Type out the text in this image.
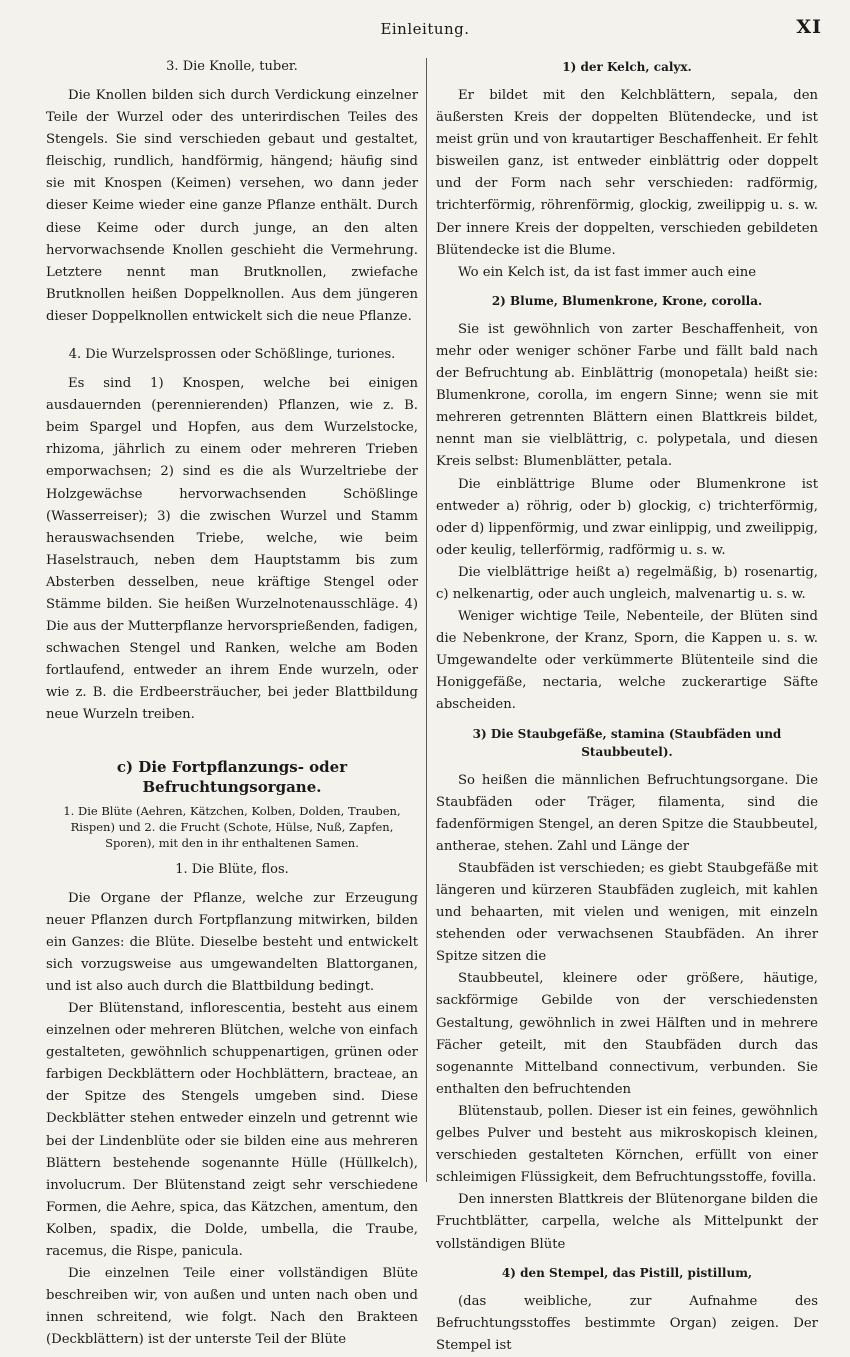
Einleitung.	XI
3. Die Knolle, tuber.

Die Knollen bilden sich durch Verdickung einzelner Teile der Wurzel oder des unterirdischen Teiles des Stengels. Sie sind verschieden gebaut und gestaltet, fleischig, rundlich, handförmig, hängend; häufig sind sie mit Knospen (Keimen) versehen, wo dann jeder dieser Keime wieder eine ganze Pflanze enthält. Durch diese Keime oder durch junge, an den alten hervorwachsende Knollen geschieht die Vermehrung. Letztere nennt man Brutknollen, zwiefache Brutknollen heißen Doppelknollen. Aus dem jüngeren dieser Doppelknollen entwickelt sich die neue Pflanze.

4. Die Wurzelsprossen oder Schößlinge, turiones.

Es sind 1) Knospen, welche bei einigen ausdauernden (perennierenden) Pflanzen, wie z. B. beim Spargel und Hopfen, aus dem Wurzelstocke, rhizoma, jährlich zu einem oder mehreren Trieben emporwachsen; 2) sind es die als Wurzeltriebe der Holzgewächse hervorwachsenden Schößlinge (Wasserreiser); 3) die zwischen Wurzel und Stamm herauswachsenden Triebe, welche, wie beim Haselstrauch, neben dem Hauptstamm bis zum Absterben desselben, neue kräftige Stengel oder Stämme bilden. Sie heißen Wurzelnotenausschläge. 4) Die aus der Mutterpflanze hervorsprießenden, fadigen, schwachen Stengel und Ranken, welche am Boden fortlaufend, entweder an ihrem Ende wurzeln, oder wie z. B. die Erdbeersträucher, bei jeder Blattbildung neue Wurzeln treiben.

c) Die Fortpflanzungs- oder Befruchtungsorgane.
1. Die Blüte (Aehren, Kätzchen, Kolben, Dolden, Trauben, Rispen) und 2. die Frucht (Schote, Hülse, Nuß, Zapfen, Sporen), mit den in ihr enthaltenen Samen.
1. Die Blüte, flos.

Die Organe der Pflanze, welche zur Erzeugung neuer Pflanzen durch Fortpflanzung mitwirken, bilden ein Ganzes: die Blüte. Dieselbe besteht und entwickelt sich vorzugsweise aus umgewandelten Blattorganen, und ist also auch durch die Blattbildung bedingt.

Der Blütenstand, inflorescentia, besteht aus einem einzelnen oder mehreren Blütchen, welche von einfach gestalteten, gewöhnlich schuppenartigen, grünen oder farbigen Deckblättern oder Hochblättern, bracteae, an der Spitze des Stengels umgeben sind. Diese Deckblätter stehen entweder einzeln und getrennt wie bei der Lindenblüte oder sie bilden eine aus mehreren Blättern bestehende sogenannte Hülle (Hüllkelch), involucrum. Der Blütenstand zeigt sehr verschiedene Formen, die Aehre, spica, das Kätzchen, amentum, den Kolben, spadix, die Dolde, umbella, die Traube, racemus, die Rispe, panicula.

Die einzelnen Teile einer vollständigen Blüte beschreiben wir, von außen und unten nach oben und innen schreitend, wie folgt. Nach den Brakteen (Deckblättern) ist der unterste Teil der Blüte

1) der Kelch, calyx.

Er bildet mit den Kelchblättern, sepala, den äußersten Kreis der doppelten Blütendecke, und ist meist grün und von krautartiger Beschaffenheit. Er fehlt bisweilen ganz, ist entweder einblättrig oder doppelt und der Form nach sehr verschieden: radförmig, trichterförmig, röhrenförmig, glockig, zweilippig u. s. w. Der innere Kreis der doppelten, verschieden gebildeten Blütendecke ist die Blume.

Wo ein Kelch ist, da ist fast immer auch eine

2) Blume, Blumenkrone, Krone, corolla.

Sie ist gewöhnlich von zarter Beschaffenheit, von mehr oder weniger schöner Farbe und fällt bald nach der Befruchtung ab. Einblättrig (monopetala) heißt sie: Blumenkrone, corolla, im engern Sinne; wenn sie mit mehreren getrennten Blättern einen Blattkreis bildet, nennt man sie vielblättrig, c. polypetala, und diesen Kreis selbst: Blumenblätter, petala.

Die einblättrige Blume oder Blumenkrone ist entweder a) röhrig, oder b) glockig, c) trichterförmig, oder d) lippenförmig, und zwar einlippig, und zweilippig, oder keulig, tellerförmig, radförmig u. s. w.

Die vielblättrige heißt a) regelmäßig, b) rosenartig, c) nelkenartig, oder auch ungleich, malvenartig u. s. w.

Weniger wichtige Teile, Nebenteile, der Blüten sind die Nebenkrone, der Kranz, Sporn, die Kappen u. s. w. Umgewandelte oder verkümmerte Blütenteile sind die Honiggefäße, nectaria, welche zuckerartige Säfte abscheiden.

3) Die Staubgefäße, stamina (Staubfäden und Staubbeutel).

So heißen die männlichen Befruchtungsorgane. Die Staubfäden oder Träger, filamenta, sind die fadenförmigen Stengel, an deren Spitze die Staubbeutel, antherae, stehen. Zahl und Länge der

Staubfäden ist verschieden; es giebt Staubgefäße mit längeren und kürzeren Staubfäden zugleich, mit kahlen und behaarten, mit vielen und wenigen, mit einzeln stehenden oder verwachsenen Staubfäden. An ihrer Spitze sitzen die

Staubbeutel, kleinere oder größere, häutige, sackförmige Gebilde von der verschiedensten Gestaltung, gewöhnlich in zwei Hälften und in mehrere Fächer geteilt, mit den Staubfäden durch das sogenannte Mittelband connectivum, verbunden. Sie enthalten den befruchtenden

Blütenstaub, pollen. Dieser ist ein feines, gewöhnlich gelbes Pulver und besteht aus mikroskopisch kleinen, verschieden gestalteten Körnchen, erfüllt von einer schleimigen Flüssigkeit, dem Befruchtungsstoffe, fovilla.

Den innersten Blattkreis der Blütenorgane bilden die Fruchtblätter, carpella, welche als Mittelpunkt der vollständigen Blüte

4) den Stempel, das Pistill, pistillum,

(das weibliche, zur Aufnahme des Befruchtungsstoffes bestimmte Organ) zeigen. Der Stempel ist
